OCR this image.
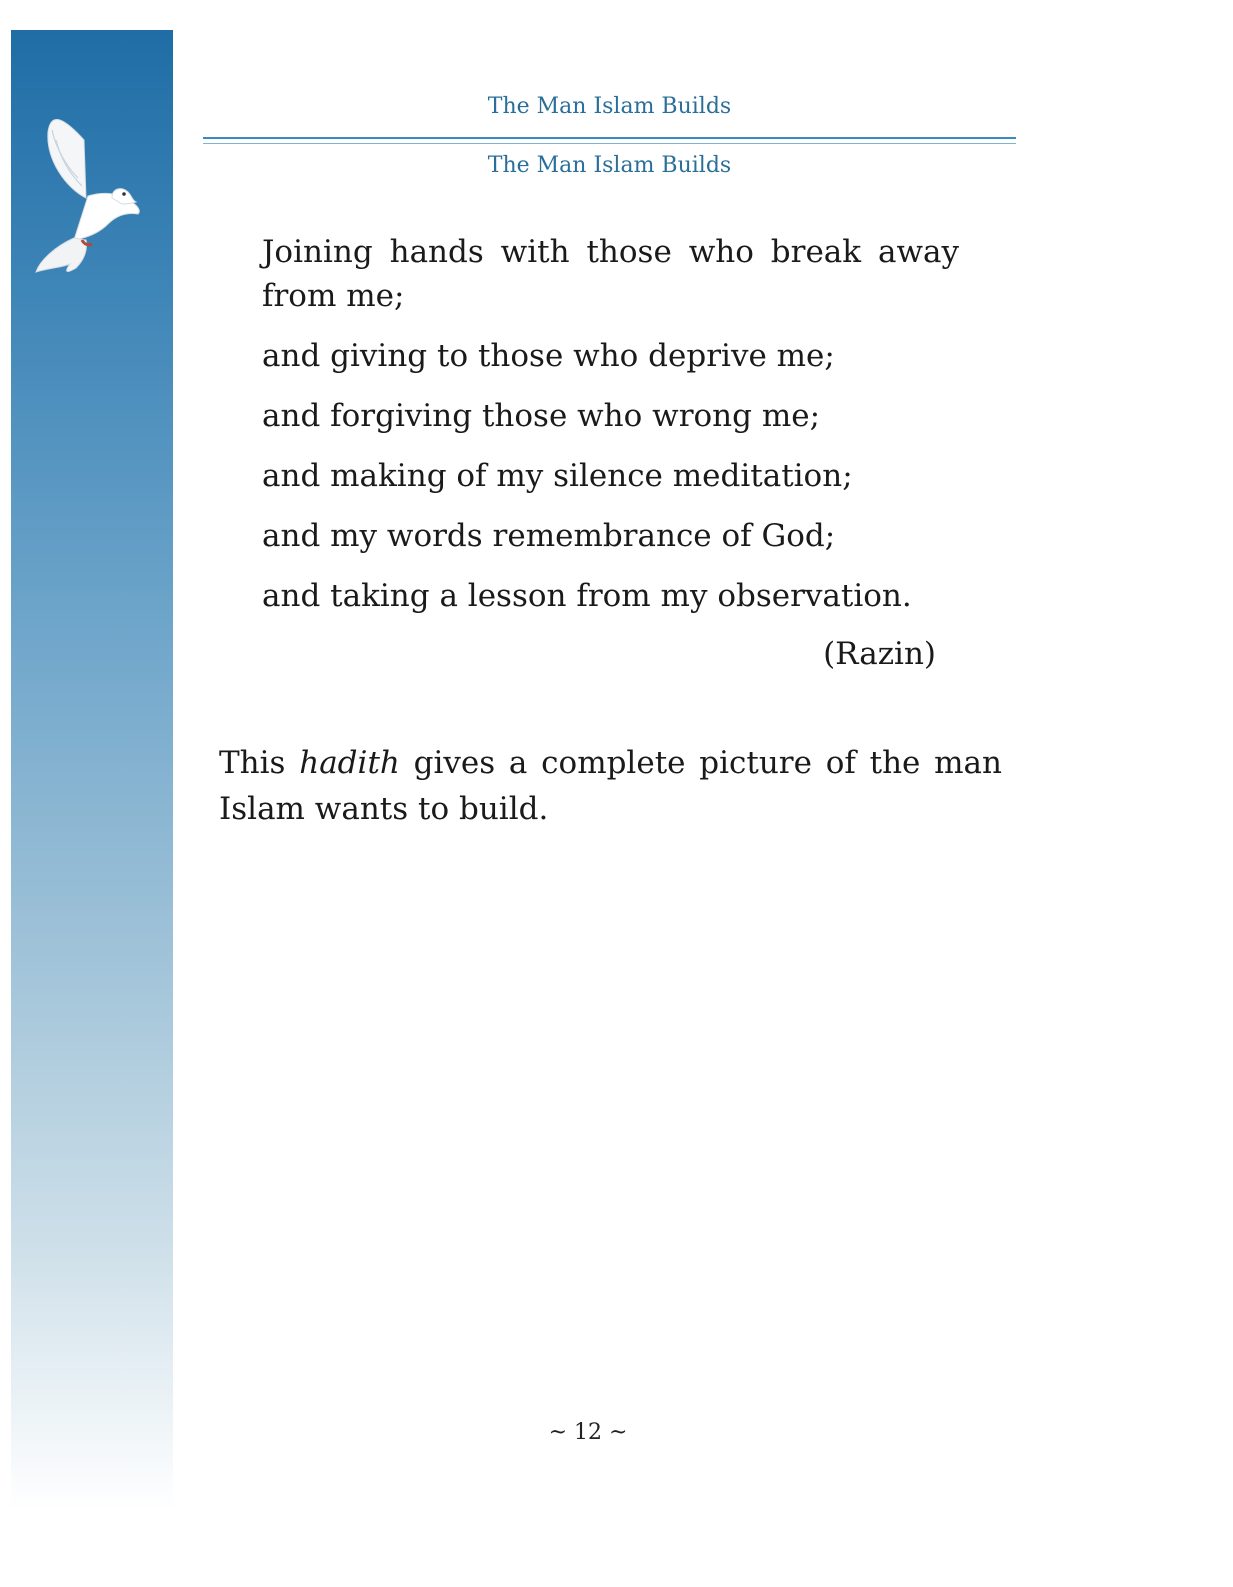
The Man Islam Builds
The Man Islam Builds

Joining hands with those who break away from me;

and giving to those who deprive me;

and forgiving those who wrong me;

and making of my silence meditation;

and my words remembrance of God;

and taking a lesson from my observation.

(Razin)

This hadith gives a complete picture of the man Islam wants to build.

~ 12 ~
